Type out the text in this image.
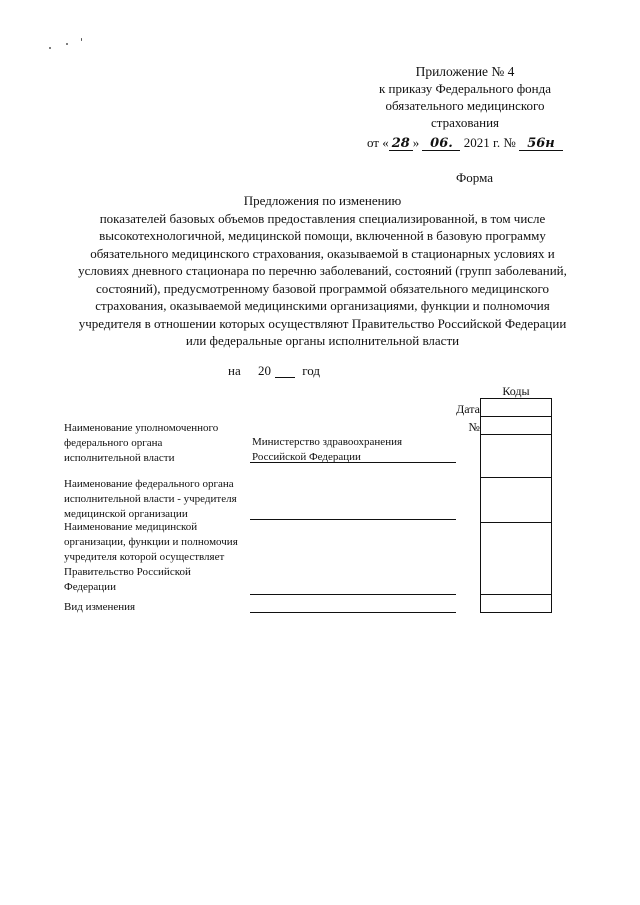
Приложение № 4
к приказу Федерального фонда
обязательного медицинского
страхования
от « 28 » 06. 2021 г. № 56н
Форма
Предложения по изменению
показателей базовых объемов предоставления специализированной, в том числе
высокотехнологичной, медицинской помощи, включенной в базовую программу
обязательного медицинского страхования, оказываемой в стационарных условиях и
условиях дневного стационара по перечню заболеваний, состояний (групп заболеваний,
состояний), предусмотренному базовой программой обязательного медицинского
страхования, оказываемой медицинскими организациями, функции и полномочия
учредителя в отношении которых осуществляют Правительство Российской Федерации
или федеральные органы исполнительной власти
на 20 год
Коды
Дата
№
Наименование уполномоченного
федерального органа
исполнительной власти
Министерство здравоохранения
Российской Федерации
Наименование федерального органа
исполнительной власти - учредителя
медицинской организации
Наименование медицинской
организации, функции и полномочия
учредителя которой осуществляет
Правительство Российской
Федерации
Вид изменения
